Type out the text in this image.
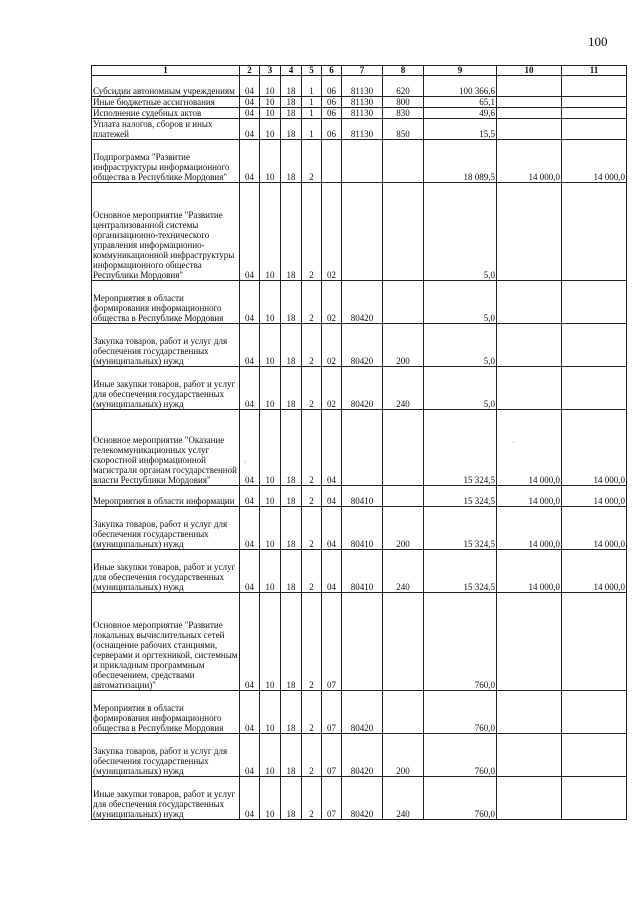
100
1	2	3	4	5	6	7	8	9	10	11
Субсидии автономным учреждениям	04	10	18	1	06	81130	620	100 366,6		
Иные бюджетные ассигнования	04	10	18	1	06	81130	800	65,1		
Исполнение судебных актов	04	10	18	1	06	81130	830	49,6		
Уплата налогов, сборов и иных платежей	04	10	18	1	06	81130	850	15,5		
Подпрограмма "Развитие инфраструктуры информационного общества в Республике Мордовия"	04	10	18	2				18 089,5	14 000,0	14 000,0
Основное мероприятие "Развитие централизованной системы организационно-технического управления информационно-коммуникационной инфраструктуры информационного общества Республики Мордовия"	04	10	18	2	02			5,0		
Мероприятия в области формирования информационного общества в Республике Мордовия	04	10	18	2	02	80420		5,0		
Закупка товаров, работ и услуг для обеспечения государственных (муниципальных) нужд	04	10	18	2	02	80420	200	5,0		
Иные закупки товаров, работ и услуг для обеспечения государственных (муниципальных) нужд	04	10	18	2	02	80420	240	5,0		
Основное мероприятие "Оказание телекоммуникационных услуг скоростной информационной магистрали органам государственной власти Республики Мордовия"	04	10	18	2	04			15 324,5	14 000,0	14 000,0
Мероприятия в области информации	04	10	18	2	04	80410		15 324,5	14 000,0	14 000,0
Закупка товаров, работ и услуг для обеспечения государственных (муниципальных) нужд	04	10	18	2	04	80410	200	15 324,5	14 000,0	14 000,0
Иные закупки товаров, работ и услуг для обеспечения государственных (муниципальных) нужд	04	10	18	2	04	80410	240	15 324,5	14 000,0	14 000,0
Основное мероприятие "Развитие локальных вычислительных сетей (оснащение рабочих станциями, серверами и оргтехникой, системным и прикладным программным обеспечением, средствами автоматизации)"	04	10	18	2	07			760,0		
Мероприятия в области формирования информационного общества в Республике Мордовия	04	10	18	2	07	80420		760,0		
Закупка товаров, работ и услуг для обеспечения государственных (муниципальных) нужд	04	10	18	2	07	80420	200	760,0		
Иные закупки товаров, работ и услуг для обеспечения государственных (муниципальных) нужд	04	10	18	2	07	80420	240	760,0		
·
·
